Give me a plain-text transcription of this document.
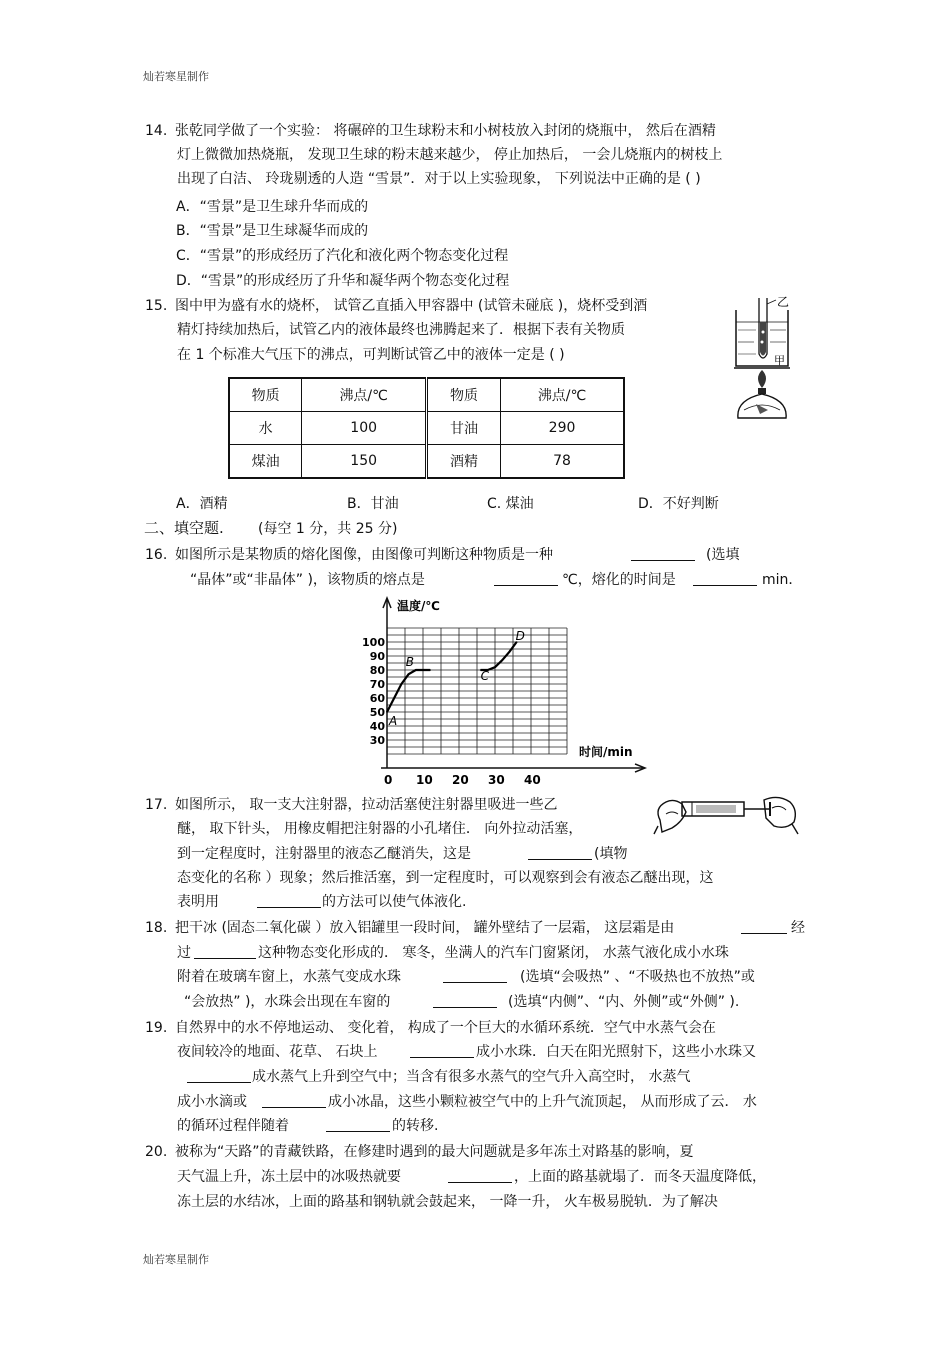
灿若寒星制作
灿若寒星制作
14. 张乾同学做了一个实验： 将碾碎的卫生球粉末和小树枝放入封闭的烧瓶中， 然后在酒精
灯上微微加热烧瓶， 发现卫生球的粉末越来越少， 停止加热后， 一会儿烧瓶内的树枝上
出现了白洁、 玲珑剔透的人造 “雪景”．对于以上实验现象， 下列说法中正确的是 ( )
A．“雪景”是卫生球升华而成的
B．“雪景”是卫生球凝华而成的
C．“雪景”的形成经历了汽化和液化两个物态变化过程
D．“雪景”的形成经历了升华和凝华两个物态变化过程
15. 图中甲为盛有水的烧杯， 试管乙直插入甲容器中 (试管未碰底 )，烧杯受到酒
精灯持续加热后，试管乙内的液体最终也沸腾起来了．根据下表有关物质
在 1 个标准大气压下的沸点，可判断试管乙中的液体一定是 ( )
乙
甲
物质	沸点/℃	物质	沸点/℃
水	100	甘油	290
煤油	150	酒精	78
A．酒精	B．甘油	C. 煤油	D．不好判断
二、填空题. (每空 1 分，共 25 分)
16. 如图所示是某物质的熔化图像，由图像可判断这种物质是一种	(选填
“晶体”或“非晶体” )，该物质的熔点是	℃，熔化的时间是	min．
0 10 20 30 40
30
40
50
60
70
80
90
100
A
B
C
D
温度/℃
时间/min
17. 如图所示， 取一支大注射器，拉动活塞使注射器里吸进一些乙
醚， 取下针头， 用橡皮帽把注射器的小孔堵住． 向外拉动活塞，
到一定程度时，注射器里的液态乙醚消失，这是	(填物
态变化的名称 ）现象；然后推活塞，到一定程度时，可以观察到会有液态乙醚出现，这
表明用	的方法可以使气体液化.
18. 把干冰 (固态二氧化碳 ）放入铝罐里一段时间， 罐外壁结了一层霜， 这层霜是由	经
过	这种物态变化形成的． 寒冬，坐满人的汽车门窗紧闭， 水蒸气液化成小水珠
附着在玻璃车窗上，水蒸气变成水珠	(选填“会吸热” 、“不吸热也不放热”或
“会放热” )，水珠会出现在车窗的	(选填“内侧”、“内、外侧”或“外侧” ).
19. 自然界中的水不停地运动、 变化着， 构成了一个巨大的水循环系统．空气中水蒸气会在
夜间较冷的地面、花草、 石块上	成小水珠．白天在阳光照射下，这些小水珠又
成水蒸气上升到空气中；当含有很多水蒸气的空气升入高空时， 水蒸气
成小水滴或	成小冰晶，这些小颗粒被空气中的上升气流顶起， 从而形成了云． 水
的循环过程伴随着	的转移.
20. 被称为“天路”的青藏铁路，在修建时遇到的最大问题就是多年冻土对路基的影响，夏
天气温上升，冻土层中的冰吸热就要	，上面的路基就塌了．而冬天温度降低，
冻土层的水结冰，上面的路基和钢轨就会鼓起来， 一降一升， 火车极易脱轨．为了解决
